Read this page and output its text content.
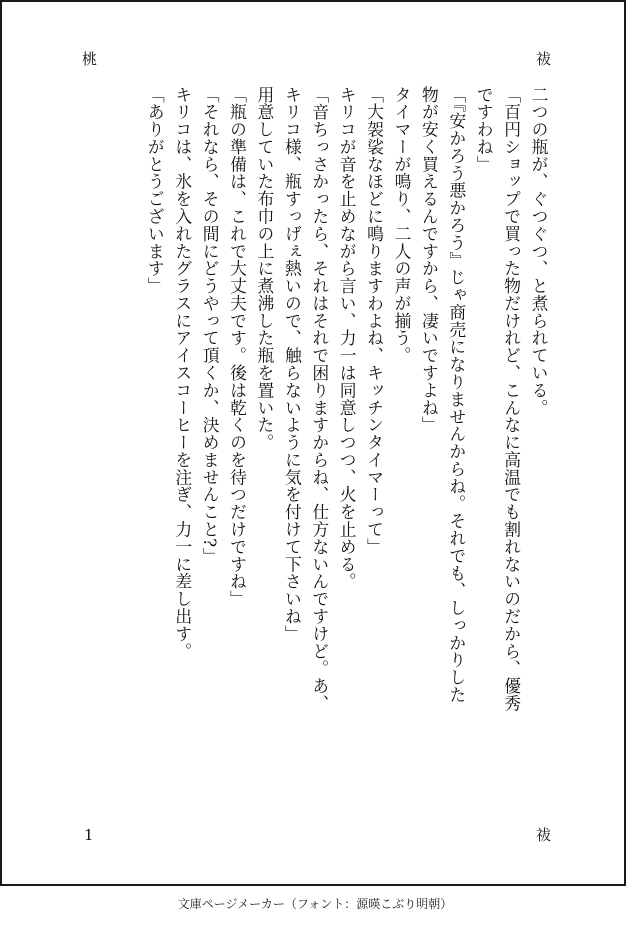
桃	祓
1	祓
二つの瓶が、ぐつぐつ、と煮られている。
「百円ショップで買った物だけれど、こんなに高温でも割れないのだから、優秀
ですわね」
「『安かろう悪かろう』じゃ商売になりませんからね。それでも、しっかりした
物が安く買えるんですから、凄いですよね」
タイマーが鳴り、二人の声が揃う。
「大袈裟なほどに鳴りますわよね、キッチンタイマーって」
キリコが音を止めながら言い、力一は同意しつつ、火を止める。
「音ちっさかったら、それはそれで困りますからね、仕方ないんですけど。あ、
キリコ様、瓶すっげぇ熱いので、触らないように気を付けて下さいね」
用意していた布巾の上に煮沸した瓶を置いた。
「瓶の準備は、これで大丈夫です。後は乾くのを待つだけですね」
「それなら、その間にどうやって頂くか、決めませんこと?」
キリコは、氷を入れたグラスにアイスコーヒーを注ぎ、力一に差し出す。
「ありがとうございます」
文庫ページメーカー（フォント：源暎こぶり明朝）
